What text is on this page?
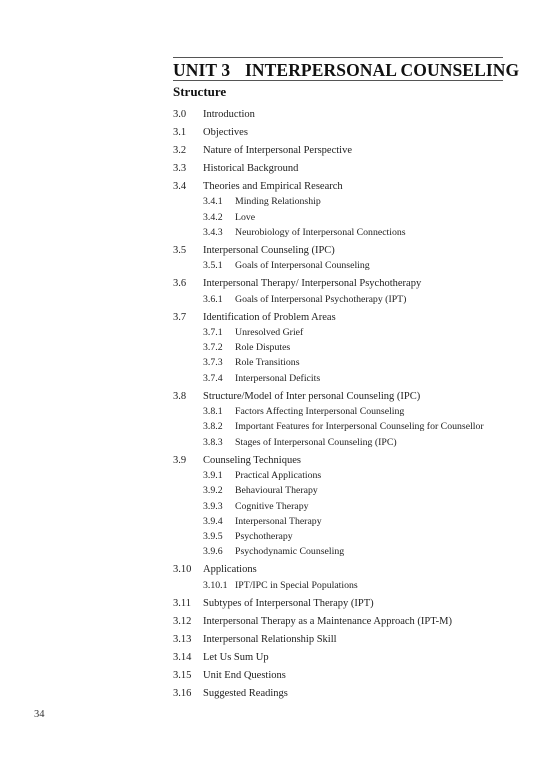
UNIT 3 INTERPERSONAL COUNSELING
Structure
3.0 Introduction
3.1 Objectives
3.2 Nature of Interpersonal Perspective
3.3 Historical Background
3.4 Theories and Empirical Research
3.4.1 Minding Relationship
3.4.2 Love
3.4.3 Neurobiology of Interpersonal Connections
3.5 Interpersonal Counseling (IPC)
3.5.1 Goals of Interpersonal Counseling
3.6 Interpersonal Therapy/ Interpersonal Psychotherapy
3.6.1 Goals of Interpersonal Psychotherapy (IPT)
3.7 Identification of Problem Areas
3.7.1 Unresolved Grief
3.7.2 Role Disputes
3.7.3 Role Transitions
3.7.4 Interpersonal Deficits
3.8 Structure/Model of Inter personal Counseling (IPC)
3.8.1 Factors Affecting Interpersonal Counseling
3.8.2 Important Features for Interpersonal Counseling for Counsellor
3.8.3 Stages of Interpersonal Counseling (IPC)
3.9 Counseling Techniques
3.9.1 Practical Applications
3.9.2 Behavioural Therapy
3.9.3 Cognitive Therapy
3.9.4 Interpersonal Therapy
3.9.5 Psychotherapy
3.9.6 Psychodynamic Counseling
3.10 Applications
3.10.1 IPT/IPC in Special Populations
3.11 Subtypes of Interpersonal Therapy (IPT)
3.12 Interpersonal Therapy as a Maintenance Approach (IPT-M)
3.13 Interpersonal Relationship Skill
3.14 Let Us Sum Up
3.15 Unit End Questions
3.16 Suggested Readings
34
